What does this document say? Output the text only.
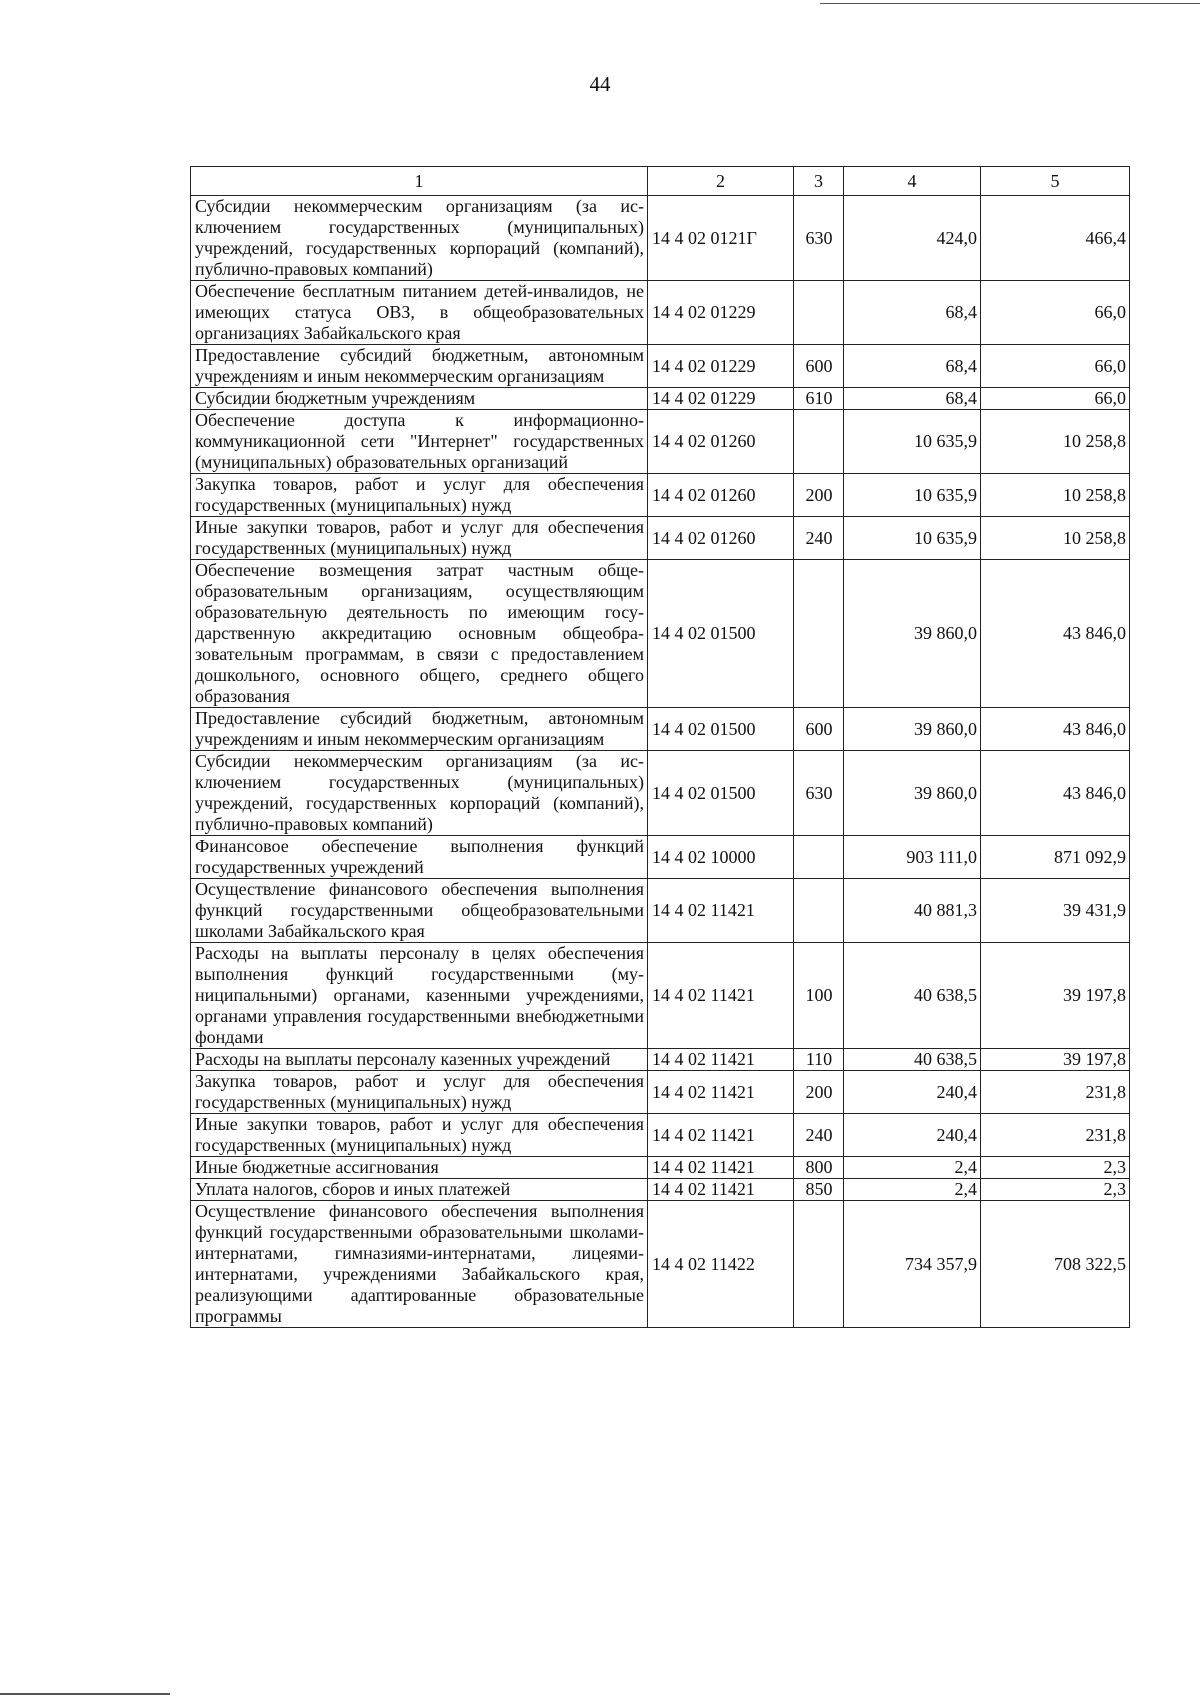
44
1	2	3	4	5
Субсидии некоммерческим организациям (за исключением государственных (муниципальных) учреждений, государственных корпораций (компаний), публично-правовых компаний)	14 4 02 0121Г	630	424,0	466,4
Обеспечение бесплатным питанием детей-инвалидов, не имеющих статуса ОВЗ, в общеобразовательных организациях Забайкальского края	14 4 02 01229		68,4	66,0
Предоставление субсидий бюджетным, автономным учреждениям и иным некоммерческим организациям	14 4 02 01229	600	68,4	66,0
Субсидии бюджетным учреждениям	14 4 02 01229	610	68,4	66,0
Обеспечение доступа к информационно-коммуникационной сети "Интернет" государственных (муниципальных) образовательных организаций	14 4 02 01260		10 635,9	10 258,8
Закупка товаров, работ и услуг для обеспечения государственных (муниципальных) нужд	14 4 02 01260	200	10 635,9	10 258,8
Иные закупки товаров, работ и услуг для обеспечения государственных (муниципальных) нужд	14 4 02 01260	240	10 635,9	10 258,8
Обеспечение возмещения затрат частным общеобразовательным организациям, осуществляющим образовательную деятельность по имеющим государственную аккредитацию основным общеобразовательным программам, в связи с предоставлением дошкольного, основного общего, среднего общего образования	14 4 02 01500		39 860,0	43 846,0
Предоставление субсидий бюджетным, автономным учреждениям и иным некоммерческим организациям	14 4 02 01500	600	39 860,0	43 846,0
Субсидии некоммерческим организациям (за исключением государственных (муниципальных) учреждений, государственных корпораций (компаний), публично-правовых компаний)	14 4 02 01500	630	39 860,0	43 846,0
Финансовое обеспечение выполнения функций государственных учреждений	14 4 02 10000		903 111,0	871 092,9
Осуществление финансового обеспечения выполнения функций государственными общеобразовательными школами Забайкальского края	14 4 02 11421		40 881,3	39 431,9
Расходы на выплаты персоналу в целях обеспечения выполнения функций государственными (муниципальными) органами, казенными учреждениями, органами управления государственными внебюджетными фондами	14 4 02 11421	100	40 638,5	39 197,8
Расходы на выплаты персоналу казенных учреждений	14 4 02 11421	110	40 638,5	39 197,8
Закупка товаров, работ и услуг для обеспечения государственных (муниципальных) нужд	14 4 02 11421	200	240,4	231,8
Иные закупки товаров, работ и услуг для обеспечения государственных (муниципальных) нужд	14 4 02 11421	240	240,4	231,8
Иные бюджетные ассигнования	14 4 02 11421	800	2,4	2,3
Уплата налогов, сборов и иных платежей	14 4 02 11421	850	2,4	2,3
Осуществление финансового обеспечения выполнения функций государственными образовательными школами-интернатами, гимназиями-интернатами, лицеями-интернатами, учреждениями Забайкальского края, реализующими адаптированные образовательные программы	14 4 02 11422		734 357,9	708 322,5
